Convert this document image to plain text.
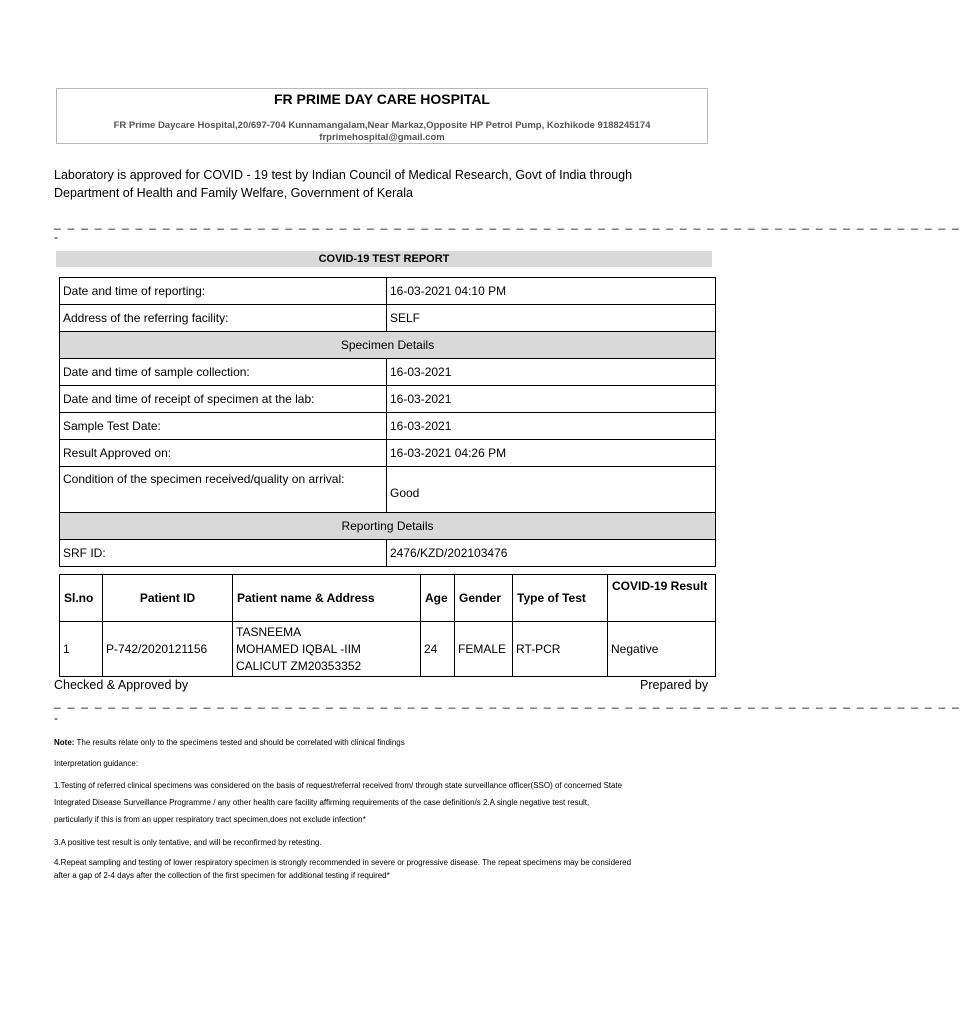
FR PRIME DAY CARE HOSPITAL
FR Prime Daycare Hospital,20/697-704 Kunnamangalam,Near Markaz,Opposite HP Petrol Pump, Kozhikode 9188245174
frprimehospital@gmail.com
Laboratory is approved for COVID - 19 test by Indian Council of Medical Research, Govt of India through
Department of Health and Family Welfare, Government of Kerala
_ _ _ _ _ _ _ _ _ _ _ _ _ _ _ _ _ _ _ _ _ _ _ _ _ _ _ _ _ _ _ _ _ _ _ _ _ _ _ _ _ _ _ _ _ _ _ _ _ _ _ _ _ _ _ _ _ _ _ _ _ _ _ _ _ _ _
-
COVID-19 TEST REPORT
Date and time of reporting:	16-03-2021 04:10 PM
Address of the referring facility:	SELF
Specimen Details	
Date and time of sample collection:	16-03-2021
Date and time of receipt of specimen at the lab:	16-03-2021
Sample Test Date:	16-03-2021
Result Approved on:	16-03-2021 04:26 PM
Condition of the specimen received/quality on arrival:	Good
Reporting Details	
SRF ID:	2476/KZD/202103476
Sl.no	Patient ID	Patient name & Address	Age	Gender	Type of Test	COVID-19 Result
1	P-742/2020121156	TASNEEMA
MOHAMED IQBAL -IIM
CALICUT ZM20353352	24	FEMALE	RT-PCR	Negative
Checked & Approved by	Prepared by
_ _ _ _ _ _ _ _ _ _ _ _ _ _ _ _ _ _ _ _ _ _ _ _ _ _ _ _ _ _ _ _ _ _ _ _ _ _ _ _ _ _ _ _ _ _ _ _ _ _ _ _ _ _ _ _ _ _ _ _ _ _ _ _ _ _ _
-
Note: The results relate only to the specimens tested and should be correlated with clinical findings
Interpretation guidance:
1.Testing of referred clinical specimens was considered on the basis of request/referral received from/ through state surveillance officer(SSO) of concerned State
Integrated Disease Surveillance Programme / any other health care facility affirming requirements of the case definition/s 2.A single negative test result,
particularly if this is from an upper respiratory tract specimen,does not exclude infection*
3.A positive test result is only tentative, and will be reconfirmed by retesting.
4.Repeat sampling and testing of lower respiratory specimen is strongly recommended in severe or progressive disease. The repeat specimens may be considered
after a gap of 2-4 days after the collection of the first specimen for additional testing if required*
